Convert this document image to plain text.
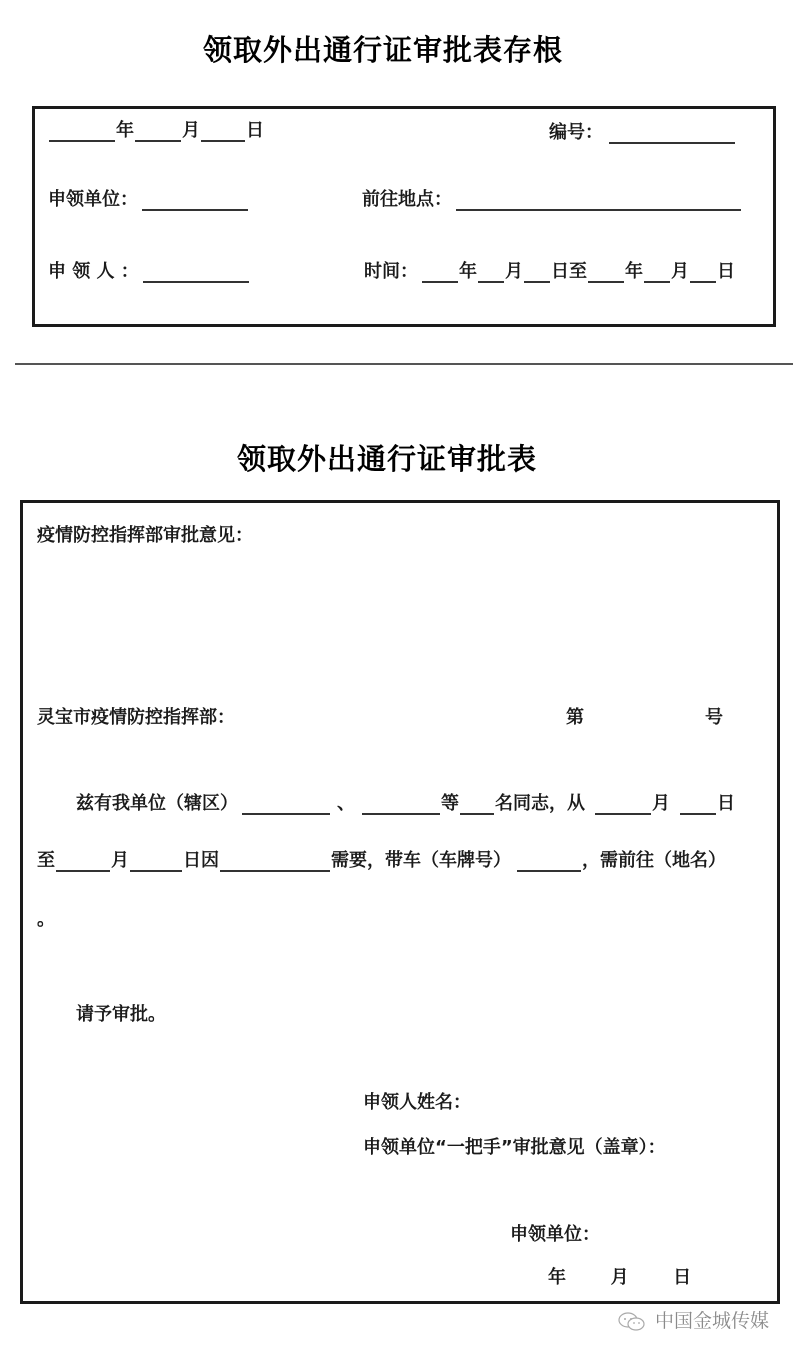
领取外出通行证审批表存根
年	月	日	编号：
申领单位：	前往地点：
申 领 人 ：	时间： 年 月 日至 年 月 日
领取外出通行证审批表
疫情防控指挥部审批意见：
灵宝市疫情防控指挥部：	第	号
兹有我单位（辖区）	、	等 名同志，从	月	日
至	月	日因	需要，带车（车牌号）	，需前往（地名）
。
请予审批。
申领人姓名：
申领单位“一把手”审批意见（盖章）：
申领单位：
年 月 日
中国金城传媒
